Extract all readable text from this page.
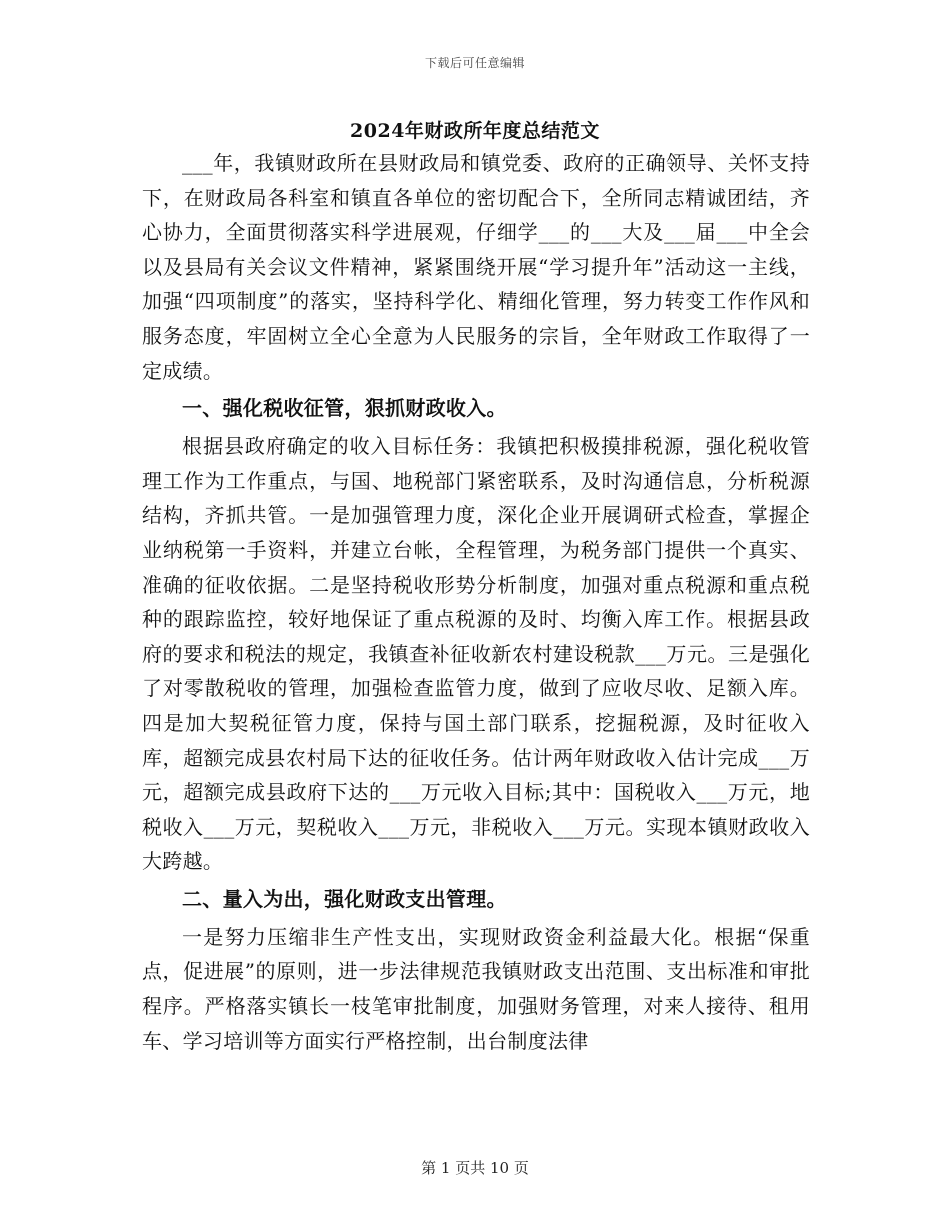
下载后可任意编辑
2024年财政所年度总结范文

___年，我镇财政所在县财政局和镇党委、政府的正确领导、关怀支持下，在财政局各科室和镇直各单位的密切配合下，全所同志精诚团结，齐心协力，全面贯彻落实科学进展观，仔细学___的___大及___届___中全会以及县局有关会议文件精神，紧紧围绕开展“学习提升年”活动这一主线，加强“四项制度”的落实，坚持科学化、精细化管理，努力转变工作作风和服务态度，牢固树立全心全意为人民服务的宗旨，全年财政工作取得了一定成绩。

一、强化税收征管，狠抓财政收入。

根据县政府确定的收入目标任务：我镇把积极摸排税源，强化税收管理工作为工作重点，与国、地税部门紧密联系，及时沟通信息，分析税源结构，齐抓共管。一是加强管理力度，深化企业开展调研式检查，掌握企业纳税第一手资料，并建立台帐，全程管理，为税务部门提供一个真实、准确的征收依据。二是坚持税收形势分析制度，加强对重点税源和重点税种的跟踪监控，较好地保证了重点税源的及时、均衡入库工作。根据县政府的要求和税法的规定，我镇查补征收新农村建设税款___万元。三是强化了对零散税收的管理，加强检查监管力度，做到了应收尽收、足额入库。四是加大契税征管力度，保持与国土部门联系，挖掘税源，及时征收入库，超额完成县农村局下达的征收任务。估计两年财政收入估计完成___万元，超额完成县政府下达的___万元收入目标;其中：国税收入___万元，地税收入___万元，契税收入___万元，非税收入___万元。实现本镇财政收入大跨越。

二、量入为出，强化财政支出管理。

一是努力压缩非生产性支出，实现财政资金利益最大化。根据“保重点，促进展”的原则，进一步法律规范我镇财政支出范围、支出标准和审批程序。严格落实镇长一枝笔审批制度，加强财务管理，对来人接待、租用车、学习培训等方面实行严格控制，出台制度法律

第 1 页共 10 页
